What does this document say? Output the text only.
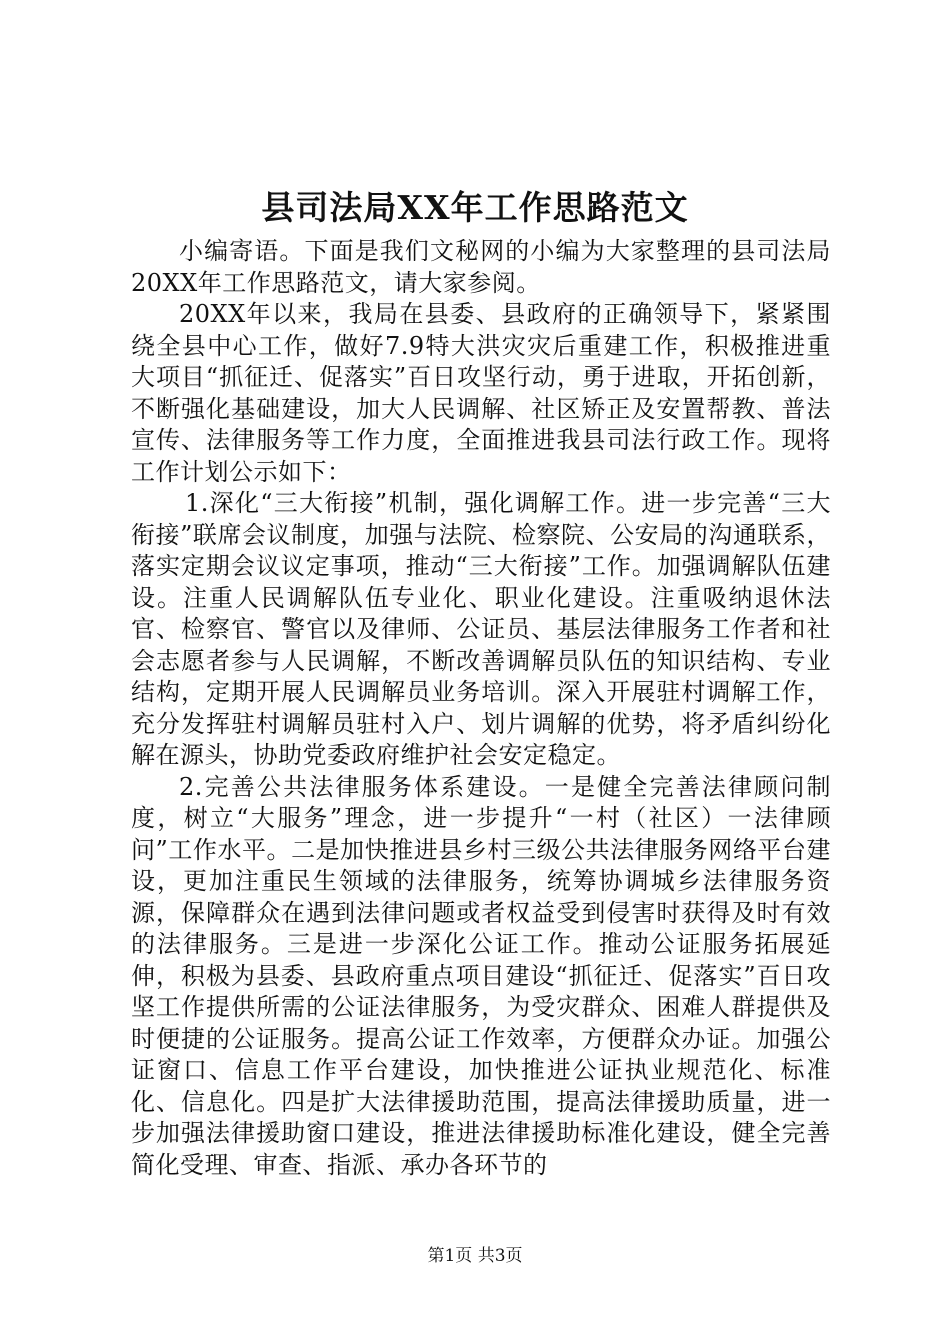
县司法局XX年工作思路范文

小编寄语。下面是我们文秘网的小编为大家整理的县司法局20XX年工作思路范文，请大家参阅。

20XX年以来，我局在县委、县政府的正确领导下，紧紧围绕全县中心工作，做好7.9特大洪灾灾后重建工作，积极推进重大项目“抓征迁、促落实”百日攻坚行动，勇于进取，开拓创新，不断强化基础建设，加大人民调解、社区矫正及安置帮教、普法宣传、法律服务等工作力度，全面推进我县司法行政工作。现将工作计划公示如下：

1.深化“三大衔接”机制，强化调解工作。进一步完善“三大衔接”联席会议制度，加强与法院、检察院、公安局的沟通联系，落实定期会议议定事项，推动“三大衔接”工作。加强调解队伍建设。注重人民调解队伍专业化、职业化建设。注重吸纳退休法官、检察官、警官以及律师、公证员、基层法律服务工作者和社会志愿者参与人民调解，不断改善调解员队伍的知识结构、专业结构，定期开展人民调解员业务培训。深入开展驻村调解工作，充分发挥驻村调解员驻村入户、划片调解的优势，将矛盾纠纷化解在源头，协助党委政府维护社会安定稳定。

2.完善公共法律服务体系建设。一是健全完善法律顾问制度，树立“大服务”理念，进一步提升“一村（社区）一法律顾问”工作水平。二是加快推进县乡村三级公共法律服务网络平台建设，更加注重民生领域的法律服务，统筹协调城乡法律服务资源，保障群众在遇到法律问题或者权益受到侵害时获得及时有效的法律服务。三是进一步深化公证工作。推动公证服务拓展延伸，积极为县委、县政府重点项目建设“抓征迁、促落实”百日攻坚工作提供所需的公证法律服务，为受灾群众、困难人群提供及时便捷的公证服务。提高公证工作效率，方便群众办证。加强公证窗口、信息工作平台建设，加快推进公证执业规范化、标准化、信息化。四是扩大法律援助范围，提高法律援助质量，进一步加强法律援助窗口建设，推进法律援助标准化建设，健全完善简化受理、审查、指派、承办各环节的

第1页 共3页
